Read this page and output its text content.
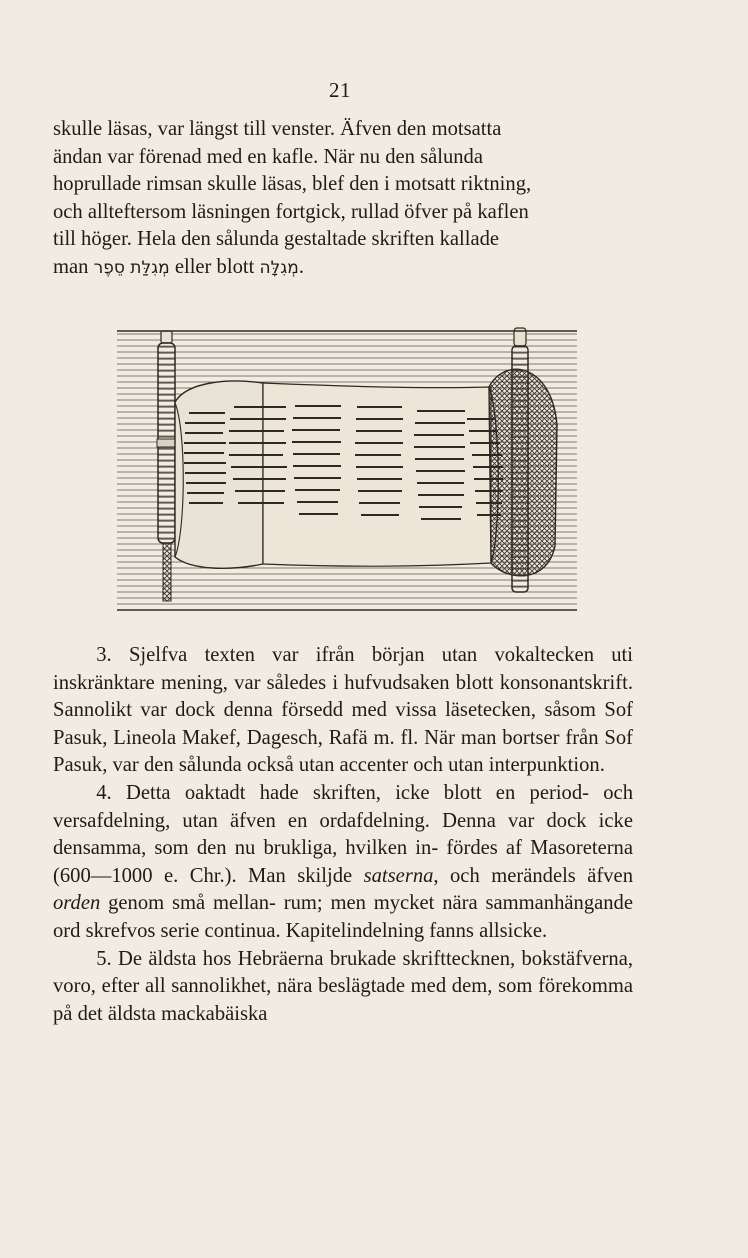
21

skulle läsas, var längst till venster. Äfven den motsatta

ändan var förenad med en kafle. När nu den sålunda

hoprullade rimsan skulle läsas, blef den i motsatt riktning,

och allteftersom läsningen fortgick, rullad öfver på kaflen

till höger. Hela den sålunda gestaltade skriften kallade

man מְגִלַּת סֵפֶר eller blott מְגִלָּה.

3. Sjelfva texten var ifrån början utan vokaltecken uti inskränktare mening, var således i hufvudsaken blott konsonantskrift. Sannolikt var dock denna försedd med vissa läsetecken, såsom Sof Pasuk, Lineola Makef, Dagesch, Rafä m. fl. När man bortser från Sof Pasuk, var den sålunda också utan accenter och utan interpunktion.

4. Detta oaktadt hade skriften, icke blott en period- och versafdelning, utan äfven en ordafdelning. Denna var dock icke densamma, som den nu brukliga, hvilken in- fördes af Masoreterna (600—1000 e. Chr.). Man skiljde satserna, och merändels äfven orden genom små mellan- rum; men mycket nära sammanhängande ord skrefvos serie continua. Kapitelindelning fanns allsicke.

5. De äldsta hos Hebräerna brukade skrifttecknen, bokstäfverna, voro, efter all sannolikhet, nära beslägtade med dem, som förekomma på det äldsta mackabäiska
